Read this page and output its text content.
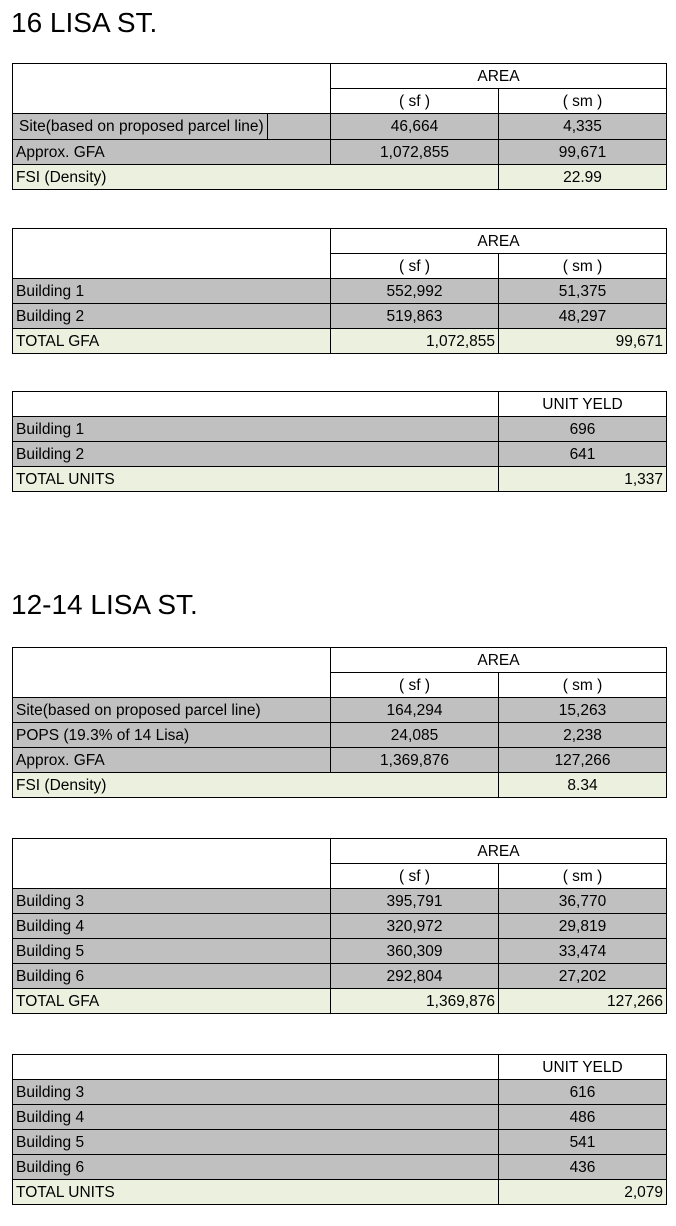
16 LISA ST.
	AREA	
	( sf )	( sm )
Site(based on proposed parcel line)	46,664	4,335
Approx. GFA	1,072,855	99,671
FSI (Density)		22.99
	AREA	
	( sf )	( sm )
Building 1	552,992	51,375
Building 2	519,863	48,297
TOTAL GFA	1,072,855	99,671
	UNIT YELD
Building 1	696
Building 2	641
TOTAL UNITS	1,337
12-14 LISA ST.
	AREA	
	( sf )	( sm )
Site(based on proposed parcel line)	164,294	15,263
POPS (19.3% of 14 Lisa)	24,085	2,238
Approx. GFA	1,369,876	127,266
FSI (Density)		8.34
	AREA	
	( sf )	( sm )
Building 3	395,791	36,770
Building 4	320,972	29,819
Building 5	360,309	33,474
Building 6	292,804	27,202
TOTAL GFA	1,369,876	127,266
	UNIT YELD
Building 3	616
Building 4	486
Building 5	541
Building 6	436
TOTAL UNITS	2,079
